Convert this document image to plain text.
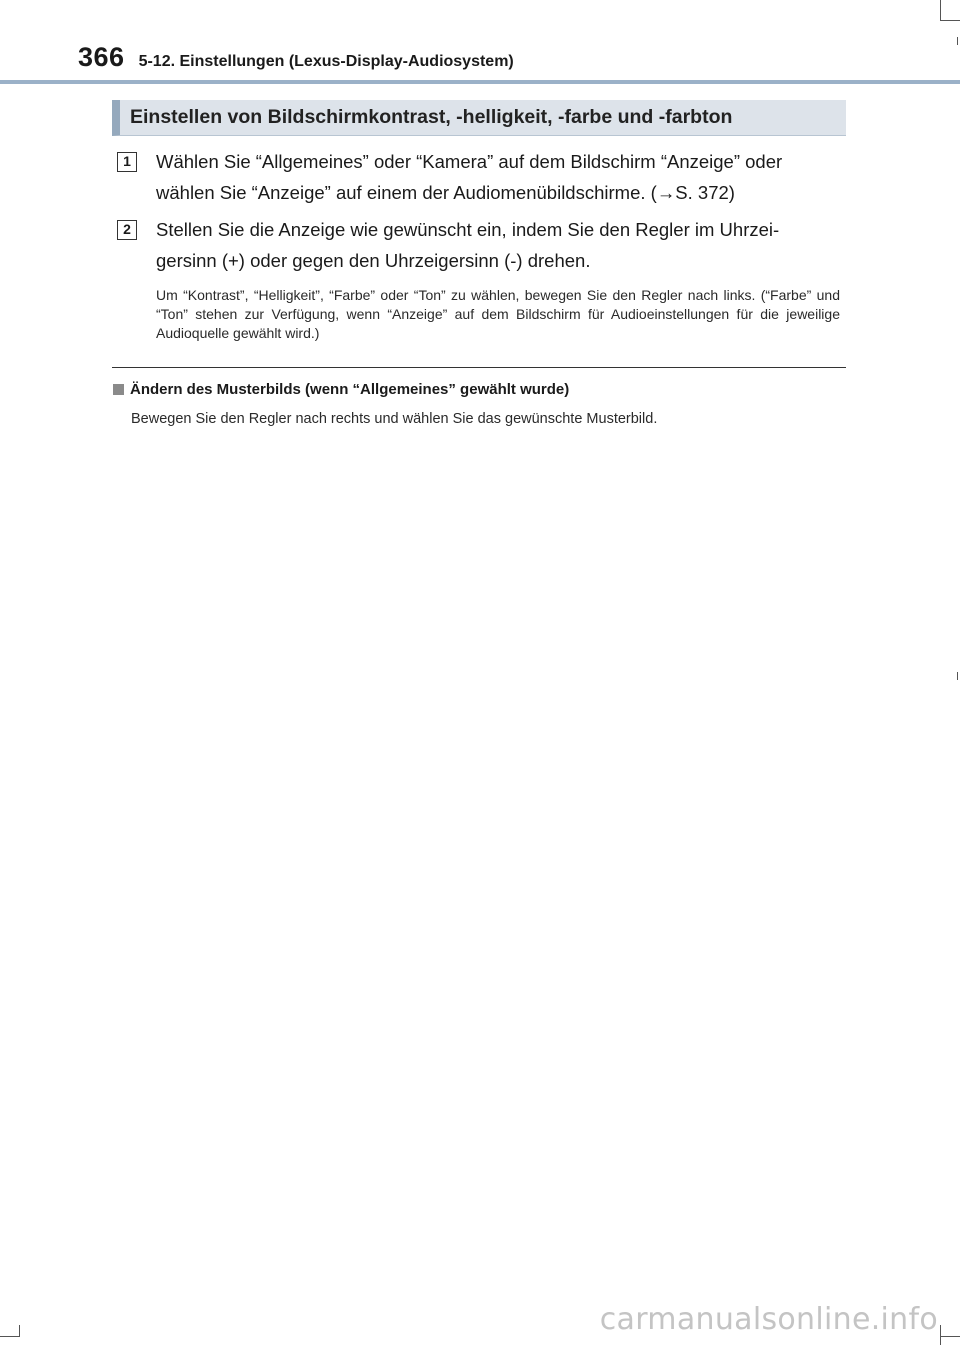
366 5-12. Einstellungen (Lexus-Display-Audiosystem)
Einstellen von Bildschirmkontrast, -helligkeit, -farbe und -farbton
1	Wählen Sie “Allgemeines” oder “Kamera” auf dem Bildschirm “Anzeige” oder
wählen Sie “Anzeige” auf einem der Audiomenübildschirme. (→S. 372)
2	Stellen Sie die Anzeige wie gewünscht ein, indem Sie den Regler im Uhrzei-
gersinn (+) oder gegen den Uhrzeigersinn (-) drehen.
Um “Kontrast”, “Helligkeit”, “Farbe” oder “Ton” zu wählen, bewegen Sie den Regler nach links. (“Farbe” und “Ton” stehen zur Verfügung, wenn “Anzeige” auf dem Bildschirm für Audioeinstellungen für die jeweilige Audioquelle gewählt wird.)
Ändern des Musterbilds (wenn “Allgemeines” gewählt wurde)
Bewegen Sie den Regler nach rechts und wählen Sie das gewünschte Musterbild.
carmanualsonline.info
